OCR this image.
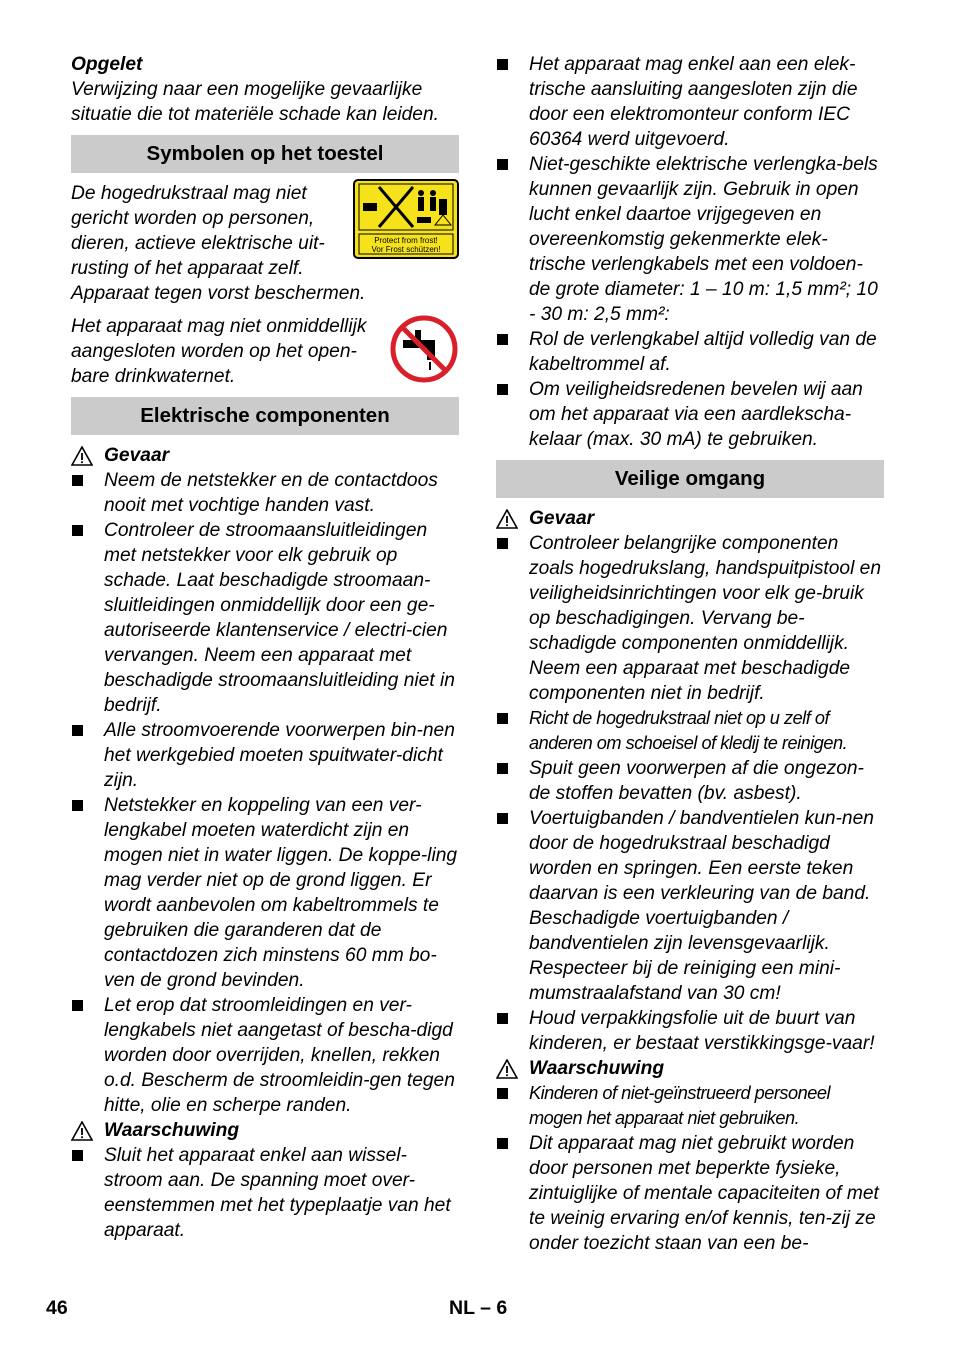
Opgelet
Verwijzing naar een mogelijke gevaarlijke situatie die tot materiële schade kan leiden.
Symbolen op het toestel
De hogedrukstraal mag niet gericht worden op personen, dieren, actieve elektrische uit-rusting of het apparaat zelf.
Protect from frost!
Vor Frost schützen!
Apparaat tegen vorst beschermen.
Het apparaat mag niet onmiddellijk aangesloten worden op het open-bare drinkwaternet.
Elektrische componenten
Gevaar
Neem de netstekker en de contactdoos nooit met vochtige handen vast.
Controleer de stroomaansluitleidingen met netstekker voor elk gebruik op schade. Laat beschadigde stroomaan-sluitleidingen onmiddellijk door een ge-autoriseerde klantenservice / electri-cien vervangen. Neem een apparaat met beschadigde stroomaansluitleiding niet in bedrijf.
Alle stroomvoerende voorwerpen bin-nen het werkgebied moeten spuitwater-dicht zijn.
Netstekker en koppeling van een ver-lengkabel moeten waterdicht zijn en mogen niet in water liggen. De koppe-ling mag verder niet op de grond liggen. Er wordt aanbevolen om kabeltrommels te gebruiken die garanderen dat de contactdozen zich minstens 60 mm bo-ven de grond bevinden.
Let erop dat stroomleidingen en ver-lengkabels niet aangetast of bescha-digd worden door overrijden, knellen, rekken o.d. Bescherm de stroomleidin-gen tegen hitte, olie en scherpe randen.
Waarschuwing
Sluit het apparaat enkel aan wissel-stroom aan. De spanning moet over-eenstemmen met het typeplaatje van het apparaat.
Het apparaat mag enkel aan een elek-trische aansluiting aangesloten zijn die door een elektromonteur conform IEC 60364 werd uitgevoerd.
Niet-geschikte elektrische verlengka-bels kunnen gevaarlijk zijn. Gebruik in open lucht enkel daartoe vrijgegeven en overeenkomstig gekenmerkte elek-trische verlengkabels met een voldoen-de grote diameter: 1 – 10 m: 1,5 mm²; 10 - 30 m: 2,5 mm²:
Rol de verlengkabel altijd volledig van de kabeltrommel af.
Om veiligheidsredenen bevelen wij aan om het apparaat via een aardlekscha-kelaar (max. 30 mA) te gebruiken.
Veilige omgang
Gevaar
Controleer belangrijke componenten zoals hogedrukslang, handspuitpistool en veiligheidsinrichtingen voor elk ge-bruik op beschadigingen. Vervang be-schadigde componenten onmiddellijk. Neem een apparaat met beschadigde componenten niet in bedrijf.
Richt de hogedrukstraal niet op u zelf of anderen om schoeisel of kledij te reinigen.
Spuit geen voorwerpen af die ongezon-de stoffen bevatten (bv. asbest).
Voertuigbanden / bandventielen kun-nen door de hogedrukstraal beschadigd worden en springen. Een eerste teken daarvan is een verkleuring van de band. Beschadigde voertuigbanden / bandventielen zijn levensgevaarlijk. Respecteer bij de reiniging een mini-mumstraalafstand van 30 cm!
Houd verpakkingsfolie uit de buurt van kinderen, er bestaat verstikkingsge-vaar!
Waarschuwing
Kinderen of niet-geïnstrueerd personeel mogen het apparaat niet gebruiken.
Dit apparaat mag niet gebruikt worden door personen met beperkte fysieke, zintuiglijke of mentale capaciteiten of met te weinig ervaring en/of kennis, ten-zij ze onder toezicht staan van een be-
46	NL – 6
